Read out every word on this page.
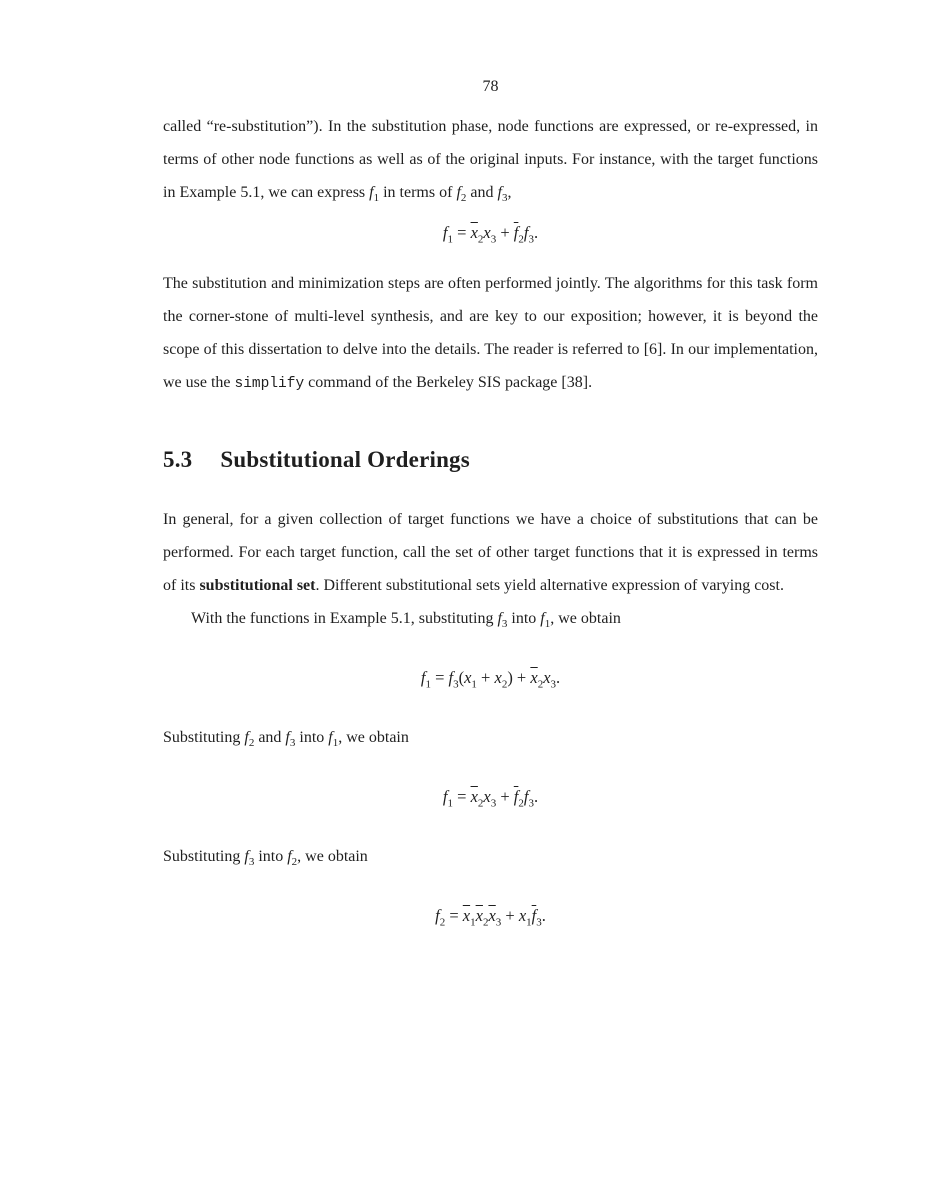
78

called “re-substitution”). In the substitution phase, node functions are expressed, or re-expressed, in terms of other node functions as well as of the original inputs. For instance, with the target functions in Example 5.1, we can express $f_1$ in terms of $f_2$ and $f_3$,

$f_1 = \overline{x}_2x_3 + \overline{f}_2f_3$.

The substitution and minimization steps are often performed jointly. The algorithms for this task form the corner-stone of multi-level synthesis, and are key to our exposition; however, it is beyond the scope of this dissertation to delve into the details. The reader is referred to [6]. In our implementation, we use the simplify command of the Berkeley SIS package [38].

5.3 Substitutional Orderings

In general, for a given collection of target functions we have a choice of substitutions that can be performed. For each target function, call the set of other target functions that it is expressed in terms of its substitutional set. Different substitutional sets yield alternative expression of varying cost.

With the functions in Example 5.1, substituting $f_3$ into $f_1$, we obtain

$f_1 = f_3(x_1 + x_2) + \overline{x}_2x_3$.

Substituting $f_2$ and $f_3$ into $f_1$, we obtain

$f_1 = \overline{x}_2x_3 + \overline{f}_2f_3$.

Substituting $f_3$ into $f_2$, we obtain

$f_2 = \overline{x}_1\overline{x}_2\overline{x}_3 + x_1\overline{f}_3$.
